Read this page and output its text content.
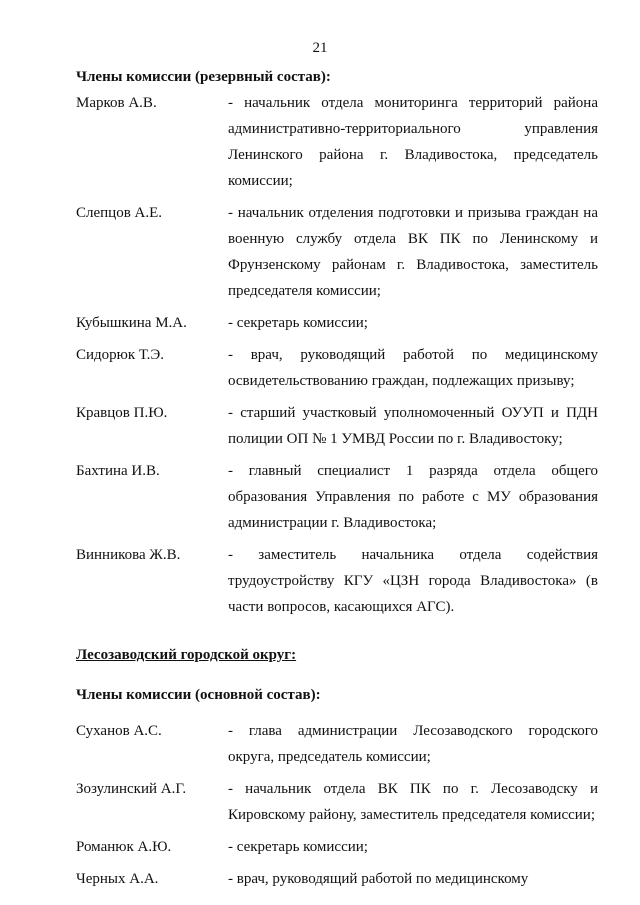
21

Члены комиссии (резервный состав):

Марков А.В.	- начальник отдела мониторинга территорий района административно-территориального управления Ленинского района г. Владивостока, председатель комиссии;
Слепцов А.Е.	- начальник отделения подготовки и призыва граждан на военную службу отдела ВК ПК по Ленинскому и Фрунзенскому районам г. Владивостока, заместитель председателя комиссии;
Кубышкина М.А.	- секретарь комиссии;
Сидорюк Т.Э.	- врач, руководящий работой по медицинскому освидетельствованию граждан, подлежащих призыву;
Кравцов П.Ю.	- старший участковый уполномоченный ОУУП и ПДН полиции ОП № 1 УМВД России по г. Владивостоку;
Бахтина И.В.	- главный специалист 1 разряда отдела общего образования Управления по работе с МУ образования администрации г. Владивостока;
Винникова Ж.В.	- заместитель начальника отдела содействия трудоустройству КГУ «ЦЗН города Владивостока» (в части вопросов, касающихся АГС).

Лесозаводский городской округ:

Члены комиссии (основной состав):

Суханов А.С.	- глава администрации Лесозаводского городского округа, председатель комиссии;
Зозулинский А.Г.	- начальник отдела ВК ПК по г. Лесозаводску и Кировскому району, заместитель председателя комиссии;
Романюк А.Ю.	- секретарь комиссии;
Черных А.А.	- врач, руководящий работой по медицинскому
